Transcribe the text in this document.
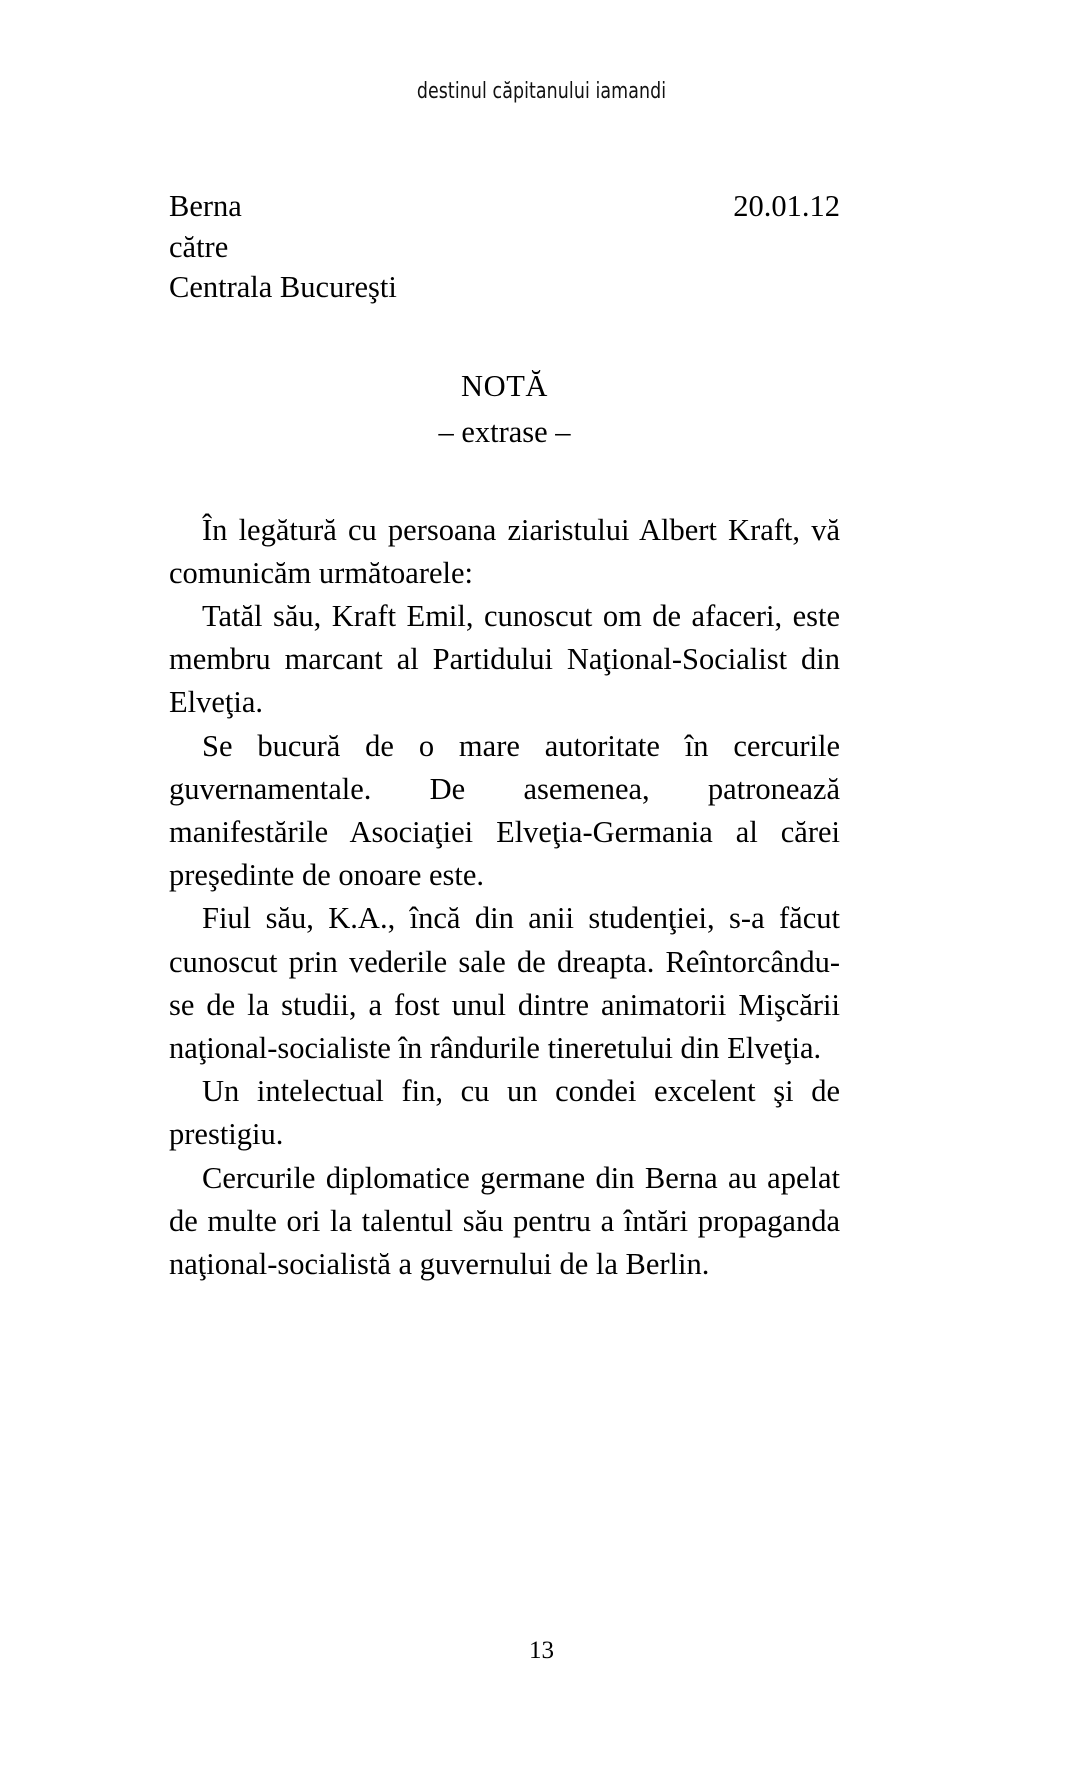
destinul căpitanului iamandi
Berna	20.01.12
către
Centrala Bucureşti
NOTĂ
– extrase –

În legătură cu persoana ziaristului Albert Kraft, vă comunicăm următoarele:

Tatăl său, Kraft Emil, cunoscut om de afaceri, este membru marcant al Partidului Naţional-Socialist din Elveţia.

Se bucură de o mare autoritate în cercurile guvernamentale. De asemenea, patronează manifestările Asociaţiei Elveţia-Germania al cărei preşedinte de onoare este.

Fiul său, K.A., încă din anii studenţiei, s-a făcut cunoscut prin vederile sale de dreapta. Reîntorcându-se de la studii, a fost unul dintre animatorii Mişcării naţional-socialiste în rândurile tineretului din Elveţia.

Un intelectual fin, cu un condei excelent şi de prestigiu.

Cercurile diplomatice germane din Berna au apelat de multe ori la talentul său pentru a întări propaganda naţional-socialistă a guvernului de la Berlin.

13
